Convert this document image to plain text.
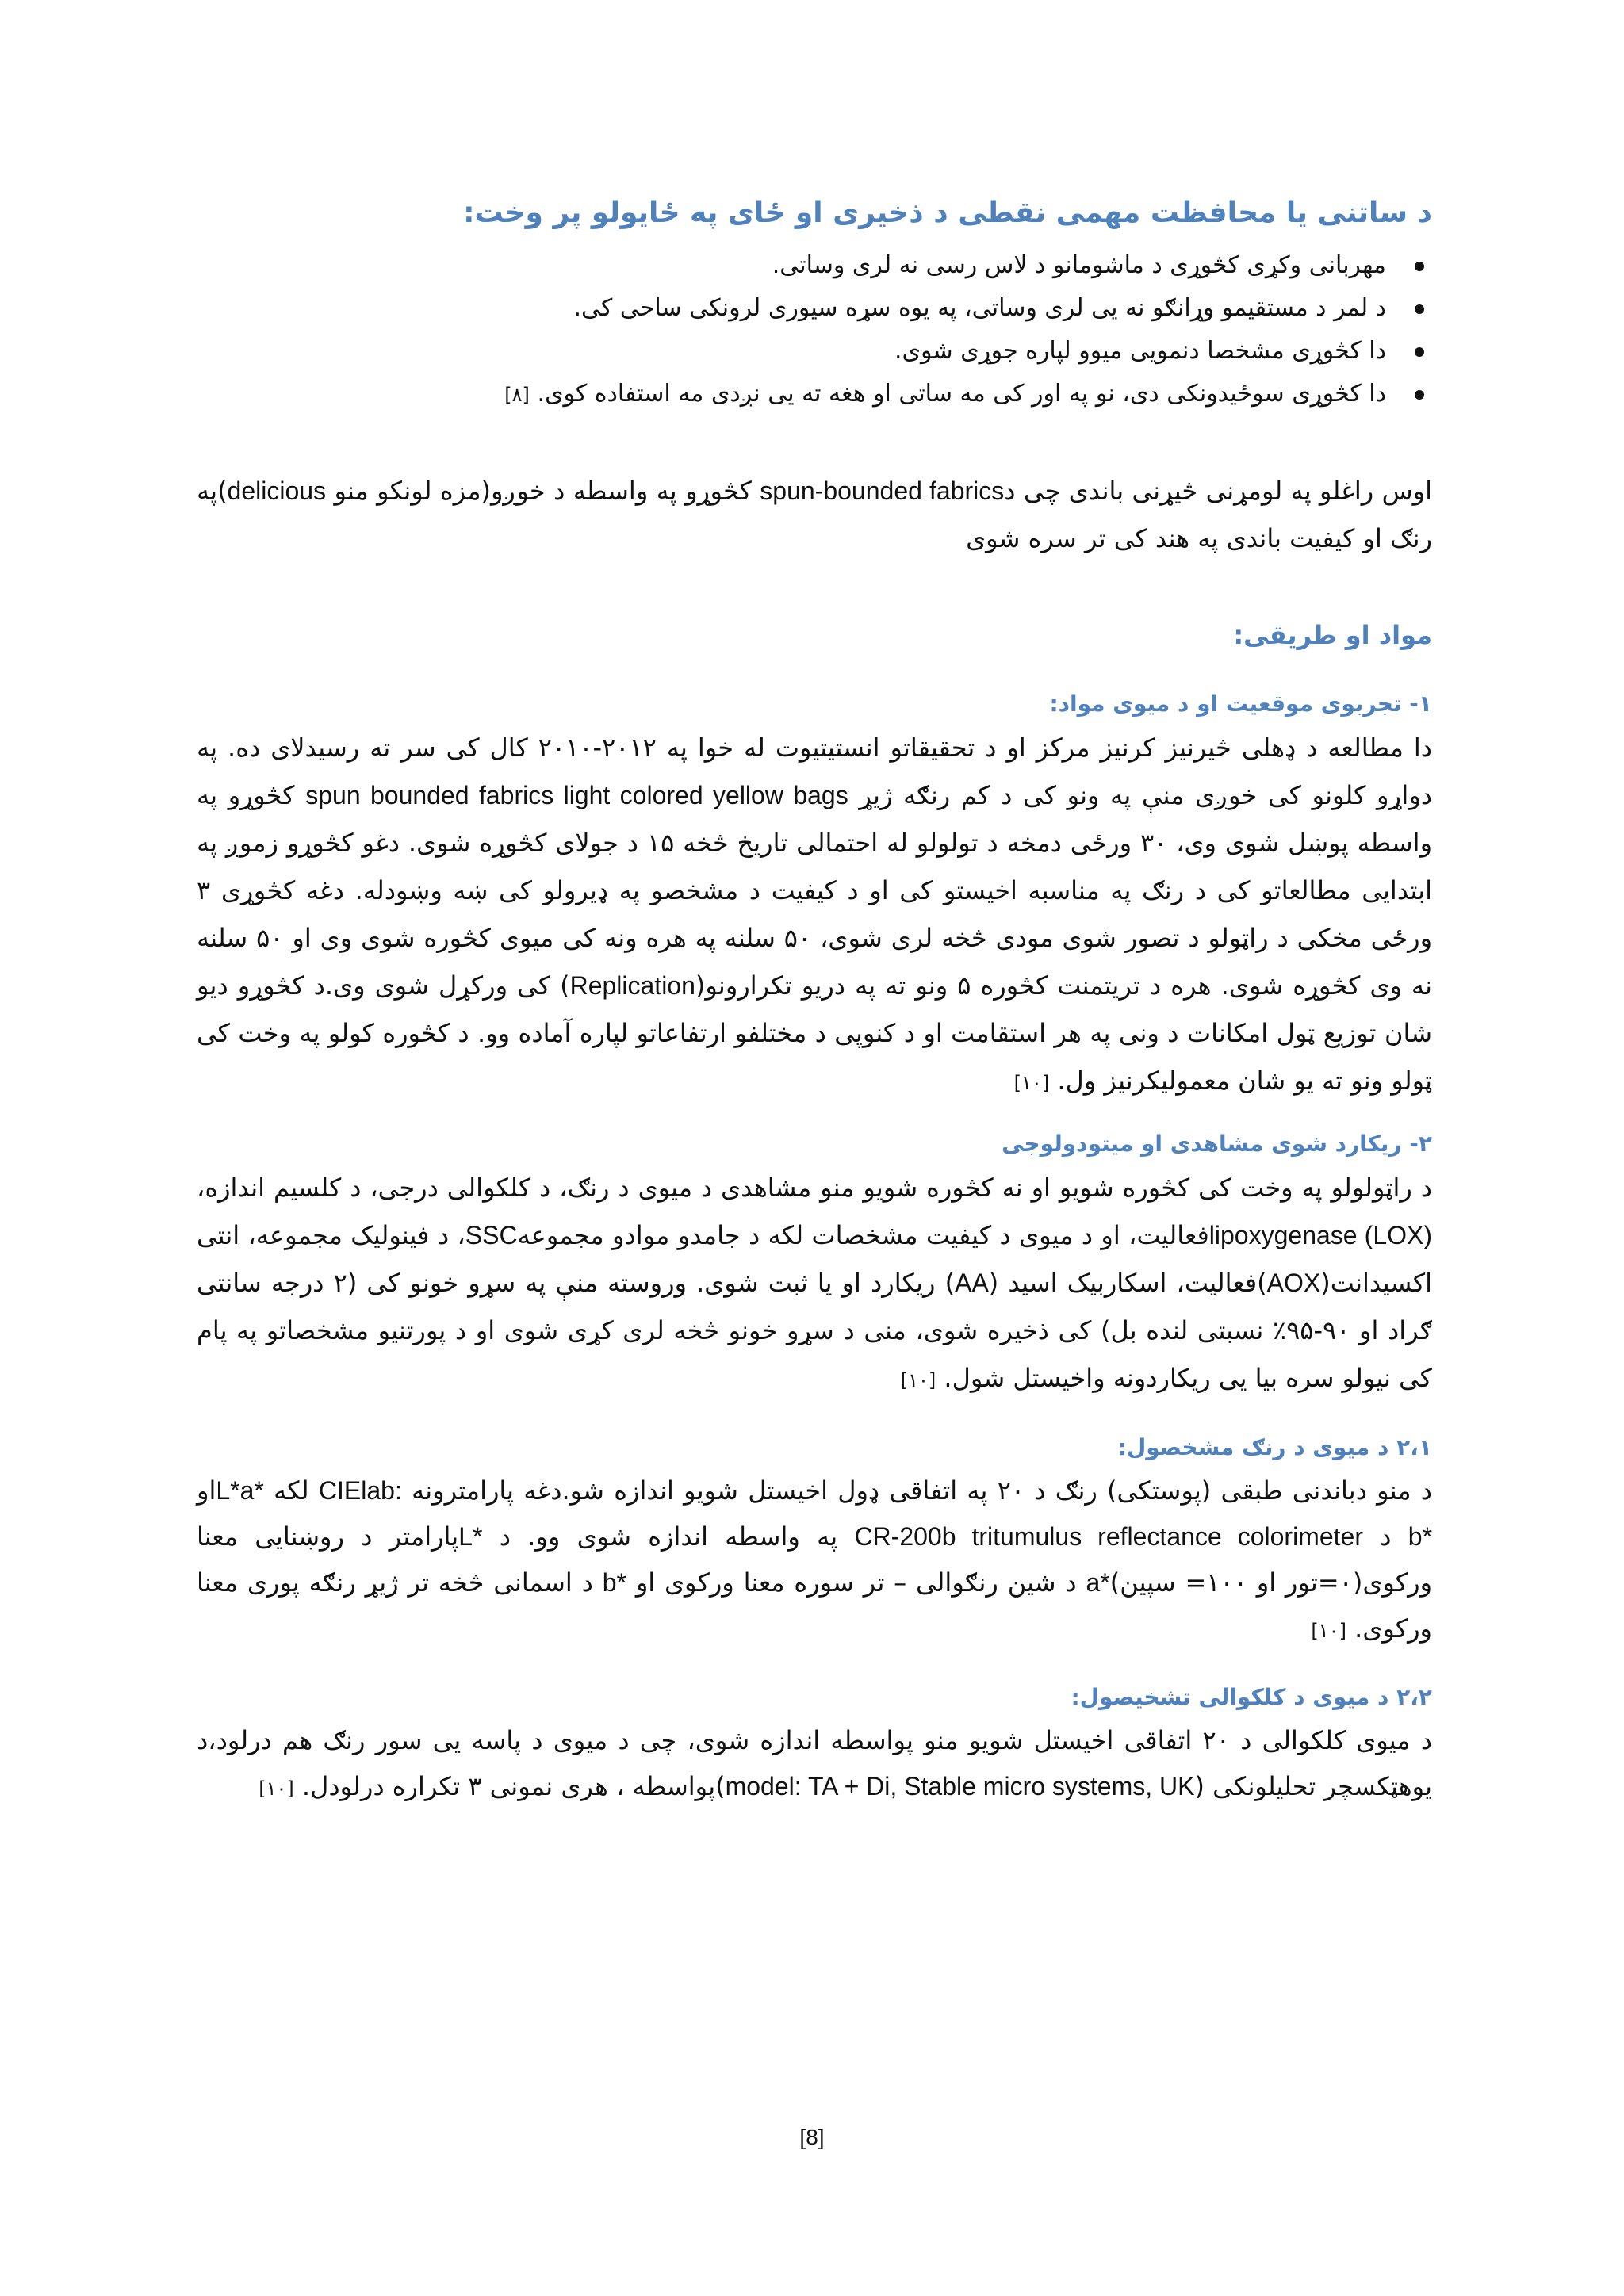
د ساتنی یا محافظت مهمی نقطی د ذخیری او ځای په ځایولو پر وخت:
مهربانی وکړی کڅوړی د ماشومانو د لاس رسی نه لری وساتی.
د لمر د مستقیمو وړانګو نه یی لری وساتی، په یوه سړه سیوری لرونکی ساحی کی.
دا کڅوړی مشخصا دنمویی میوو لپاره جوړی شوی.
دا کڅوړی سوځیدونکی دی، نو په اور کی مه ساتی او هغه ته یی نږدی مه استفاده کوی. [۸]

اوس راغلو په لومړنی څیړنی باندی چی دspun-bounded fabrics کڅوړو په واسطه د خوږو(مزه لونکو منو delicious)په رنګ او کیفیت باندی په هند کی تر سره شوی

مواد او طریقی:
۱- تجربوی موقعیت او د میوی مواد:

دا مطالعه د ډهلی څیرنیز کرنیز مرکز او د تحقیقاتو انستیتیوت له خوا په ۲۰۱۲-۲۰۱۰ کال کی سر ته رسیدلای ده. په دواړو کلونو کی خوږی منې په ونو کی د کم رنګه ژیړ spun bounded fabrics light colored yellow bags کڅوړو په واسطه پوښل شوی وی، ۳۰ ورځی دمخه د تولولو له احتمالی تاریخ څخه ۱۵ د جولای کڅوړه شوی. دغو کڅوړو زموږ په ابتدایی مطالعاتو کی د رنګ په مناسبه اخیستو کی او د کیفیت د مشخصو په ډیرولو کی ښه وښودله. دغه کڅوړی ۳ ورځی مخکی د راټولو د تصور شوی مودی څخه لری شوی، ۵۰ سلنه په هره ونه کی میوی کڅوره شوی وی او ۵۰ سلنه نه وی کڅوړه شوی. هره د تریتمنت کڅوره ۵ ونو ته په دریو تکرارونو(Replication) کی ورکړل شوی وی.د کڅوړو دیو شان توزیع ټول امکانات د ونی په هر استقامت او د کنوپی د مختلفو ارتفاعاتو لپاره آماده وو. د کڅوره کولو په وخت کی ټولو ونو ته یو شان معمولیکرنیز ول. [۱۰]

۲- ریکارد شوی مشاهدی او میتودولوجی

د راټولولو په وخت کی کڅوره شویو او نه کڅوره شویو منو مشاهدی د میوی د رنګ، د کلکوالی درجی، د کلسیم اندازه، lipoxygenase (LOX)فعالیت، او د میوی د کیفیت مشخصات لکه د جامدو موادو مجموعهSSC، د فینولیک مجموعه، انتی اکسیدانت(AOX)فعالیت، اسکاربیک اسید (AA) ریکارد او یا ثبت شوی. وروسته منې په سړو خونو کی (۲ درجه سانتی ګراد او ۹۰-۹۵٪ نسبتی لنده بل) کی ذخیره شوی، منی د سړو خونو څخه لری کړی شوی او د پورتنیو مشخصاتو په پام کی نیولو سره بیا یی ریکاردونه واخیستل شول. [۱۰]

۲،۱ د میوی د رنګ مشخصول:

د منو دباندنی طبقی (پوستکی) رنګ د ۲۰ په اتفاقی ډول اخیستل شویو اندازه شو.دغه پارامترونه CIElab: لکه L*a*او b* د CR-200b tritumulus reflectance colorimeter په واسطه اندازه شوی وو. د L*پارامتر د روښنایی معنا ورکوی(۰=تور او ۱۰۰= سپین)a* د شین رنګوالی – تر سوره معنا ورکوی او b* د اسمانی څخه تر ژیړ رنګه پوری معنا ورکوی. [۱۰]

۲،۲ د میوی د کلکوالی تشخیصول:

د میوی کلکوالی د ۲۰ اتفاقی اخیستل شویو منو پواسطه اندازه شوی، چی د میوی د پاسه یی سور رنګ هم درلود،د یوهټکسچر تحلیلونکی (model: TA + Di, Stable micro systems, UK)پواسطه ، هری نمونی ۳ تکراره درلودل. [۱۰]

[8]
